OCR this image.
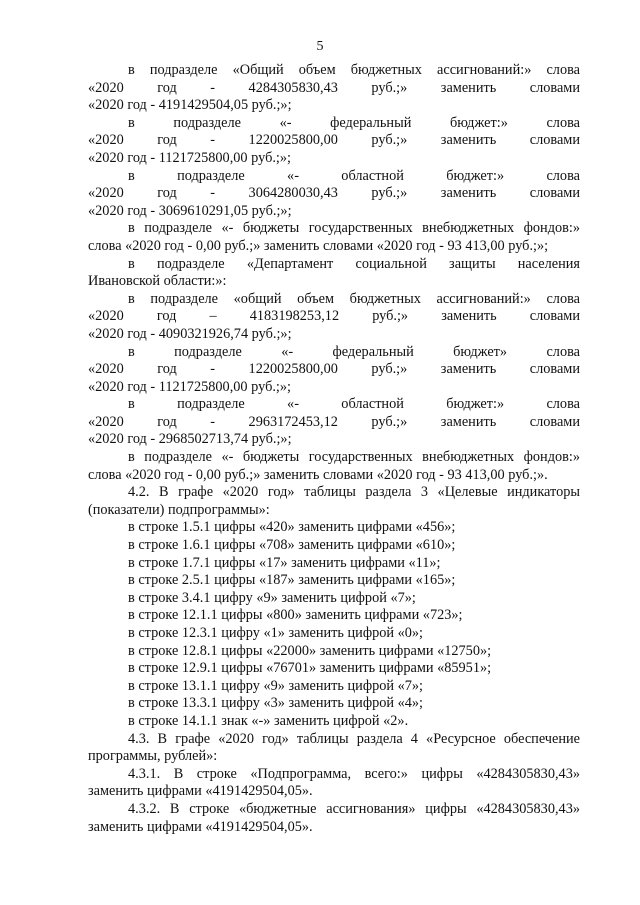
5

в подразделе «Общий объем бюджетных ассигнований:» слова

«2020 год - 4284305830,43 руб.;» заменить словами

«2020 год - 4191429504,05 руб.;»;

в подразделе «- федеральный бюджет:» слова

«2020 год - 1220025800,00 руб.;» заменить словами

«2020 год - 1121725800,00 руб.;»;

в подразделе «- областной бюджет:» слова

«2020 год - 3064280030,43 руб.;» заменить словами

«2020 год - 3069610291,05 руб.;»;

в подразделе «- бюджеты государственных внебюджетных фондов:»

слова «2020 год - 0,00 руб.;» заменить словами «2020 год - 93 413,00 руб.;»;

в подразделе «Департамент социальной защиты населения

Ивановской области:»:

в подразделе «общий объем бюджетных ассигнований:» слова

«2020 год – 4183198253,12 руб.;» заменить словами

«2020 год - 4090321926,74 руб.;»;

в подразделе «- федеральный бюджет» слова

«2020 год - 1220025800,00 руб.;» заменить словами

«2020 год - 1121725800,00 руб.;»;

в подразделе «- областной бюджет:» слова

«2020 год - 2963172453,12 руб.;» заменить словами

«2020 год - 2968502713,74 руб.;»;

в подразделе «- бюджеты государственных внебюджетных фондов:»

слова «2020 год - 0,00 руб.;» заменить словами «2020 год - 93 413,00 руб.;».

4.2. В графе «2020 год» таблицы раздела 3 «Целевые индикаторы

(показатели) подпрограммы»:

в строке 1.5.1 цифры «420» заменить цифрами «456»;

в строке 1.6.1 цифры «708» заменить цифрами «610»;

в строке 1.7.1 цифры «17» заменить цифрами «11»;

в строке 2.5.1 цифры «187» заменить цифрами «165»;

в строке 3.4.1 цифру «9» заменить цифрой «7»;

в строке 12.1.1 цифры «800» заменить цифрами «723»;

в строке 12.3.1 цифру «1» заменить цифрой «0»;

в строке 12.8.1 цифры «22000» заменить цифрами «12750»;

в строке 12.9.1 цифры «76701» заменить цифрами «85951»;

в строке 13.1.1 цифру «9» заменить цифрой «7»;

в строке 13.3.1 цифру «3» заменить цифрой «4»;

в строке 14.1.1 знак «-» заменить цифрой «2».

4.3. В графе «2020 год» таблицы раздела 4 «Ресурсное обеспечение

программы, рублей»:

4.3.1. В строке «Подпрограмма, всего:» цифры «4284305830,43»

заменить цифрами «4191429504,05».

4.3.2. В строке «бюджетные ассигнования» цифры «4284305830,43»

заменить цифрами «4191429504,05».
